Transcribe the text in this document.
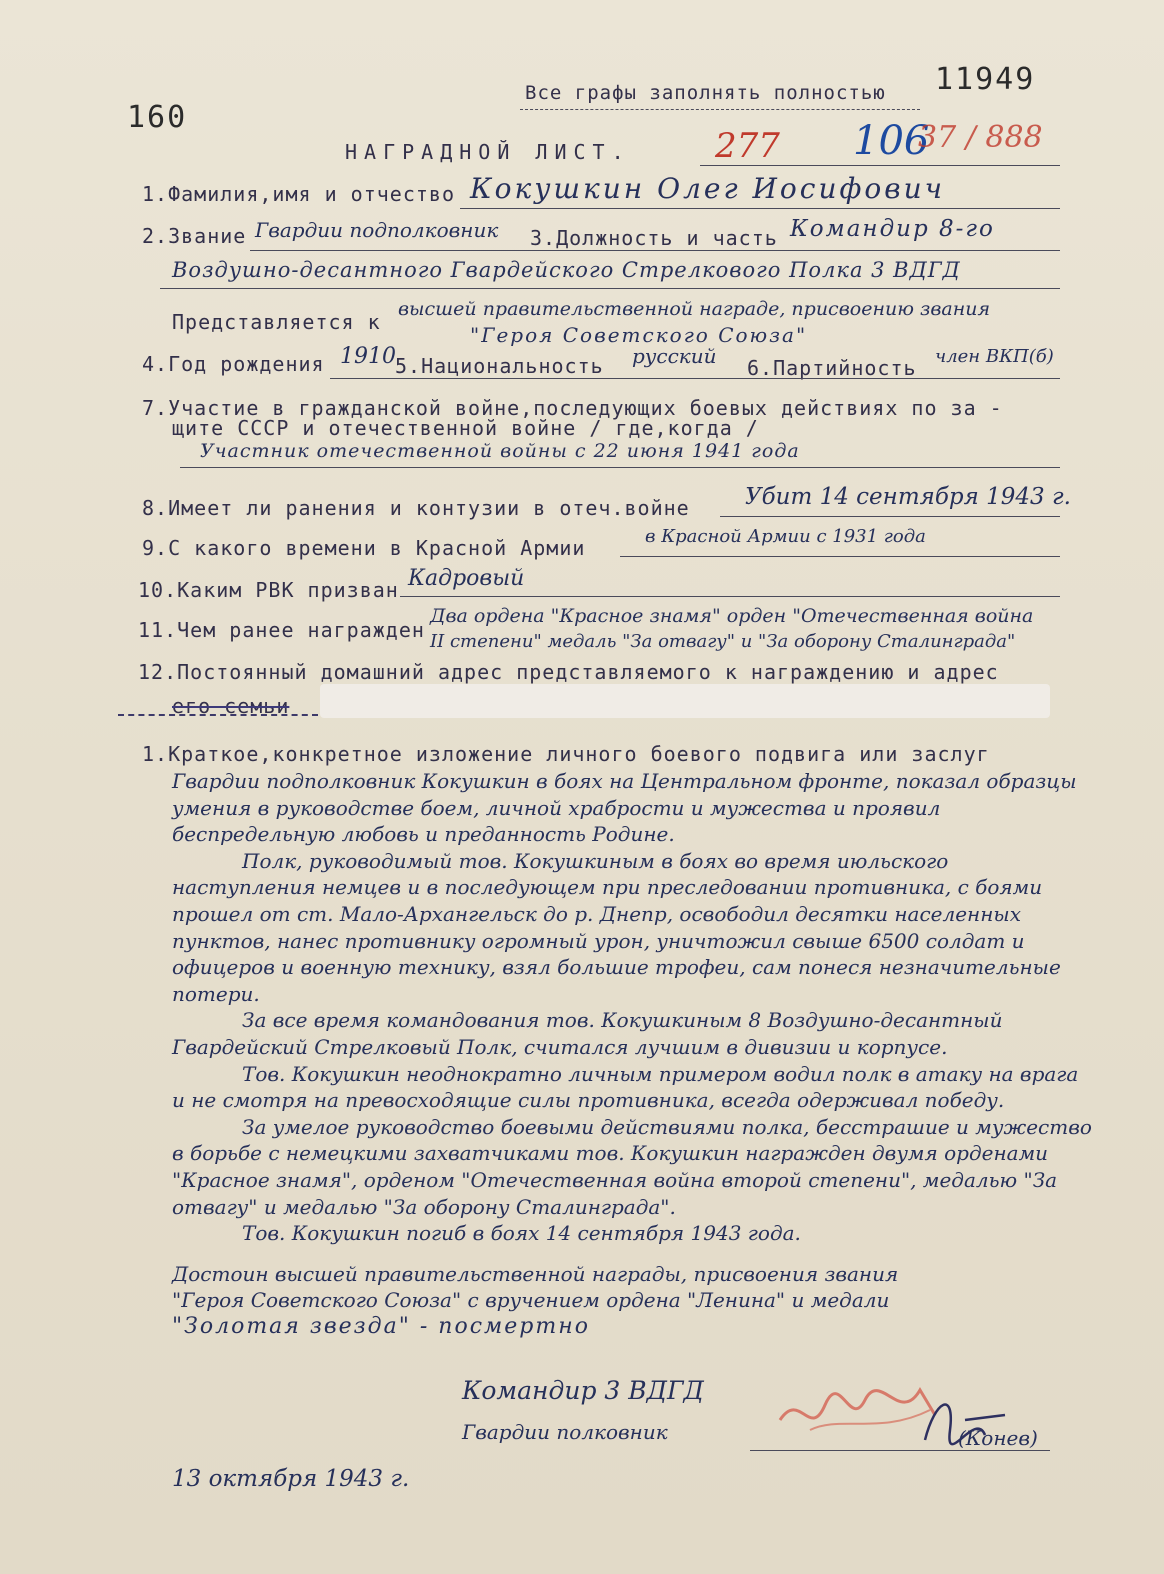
160
Все графы заполнять полностью 11949
НАГРАДНОЙ ЛИСТ. 277 106
37 / 888
1.Фамилия,имя и отчество Кокушкин Олег Иосифович
2.Звание Гвардии подполковник 3.Должность и часть Командир 8-го
Воздушно-десантного Гвардейского Стрелкового Полка 3 ВДГД
Представляется к
высшей правительственной награде, присвоению звания
"Героя Советского Союза"
4.Год рождения 1910 5.Национальность русский 6.Партийность член ВКП(б)
7.Участие в гражданской войне,последующих боевых действиях по за -
щите СССР и отечественной войне / где,когда /
Участник отечественной войны с 22 июня 1941 года
8.Имеет ли ранения и контузии в отеч.войне Убит 14 сентября 1943 г.
9.С какого времени в Красной Армии	в Красной Армии с 1931 года
10.Каким РВК призван Кадровый
11.Чем ранее награжден
Два ордена "Красное знамя" орден "Отечественная война
II степени" медаль "За отвагу" и "За оборону Сталинграда"
12.Постоянный домашний адрес представляемого к награждению и адрес
его семьи
1.Краткое,конкретное изложение личного боевого подвига или заслуг

Гвардии подполковник Кокушкин в боях на Центральном фронте, показал образцы умения в руководстве боем, личной храбрости и мужества и проявил беспредельную любовь и преданность Родине.

Полк, руководимый тов. Кокушкиным в боях во время июльского наступления немцев и в последующем при преследовании противника, с боями прошел от ст. Мало-Архангельск до р. Днепр, освободил десятки населенных пунктов, нанес противнику огромный урон, уничтожил свыше 6500 солдат и офицеров и военную технику, взял большие трофеи, сам понеся незначительные потери.

За все время командования тов. Кокушкиным 8 Воздушно-десантный Гвардейский Стрелковый Полк, считался лучшим в дивизии и корпусе.

Тов. Кокушкин неоднократно личным примером водил полк в атаку на врага и не смотря на превосходящие силы противника, всегда одерживал победу.

За умелое руководство боевыми действиями полка, бесстрашие и мужество в борьбе с немецкими захватчиками тов. Кокушкин награжден двумя орденами "Красное знамя", орденом "Отечественная война второй степени", медалью "За отвагу" и медалью "За оборону Сталинграда".

Тов. Кокушкин погиб в боях 14 сентября 1943 года.

Достоин высшей правительственной награды, присвоения звания
"Героя Советского Союза" с вручением ордена "Ленина" и медали
"Золотая звезда" - посмертно
Командир 3 ВДГД
Гвардии полковник	(Конев)
13 октября 1943 г.
